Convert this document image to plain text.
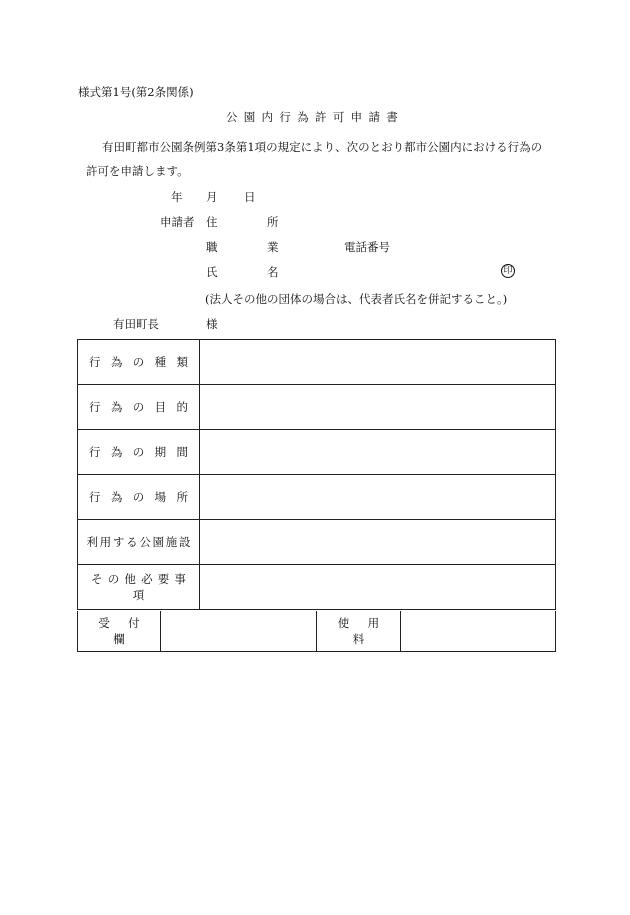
様式第1号(第2条関係)
公園内行為許可申請書
有田町都市公園条例第3条第1項の規定により、次のとおり都市公園内における行為の
許可を申請します。
年 月 日
申請者 住	所
職	業	電話番号
氏	名	印
(法人その他の団体の場合は、代表者氏名を併記すること。)
有田町長	様
行為の種類	
行為の目的	
行為の期間	
行為の場所	
利用する公園施設	
その他必要事項	
受付欄		使用料	
